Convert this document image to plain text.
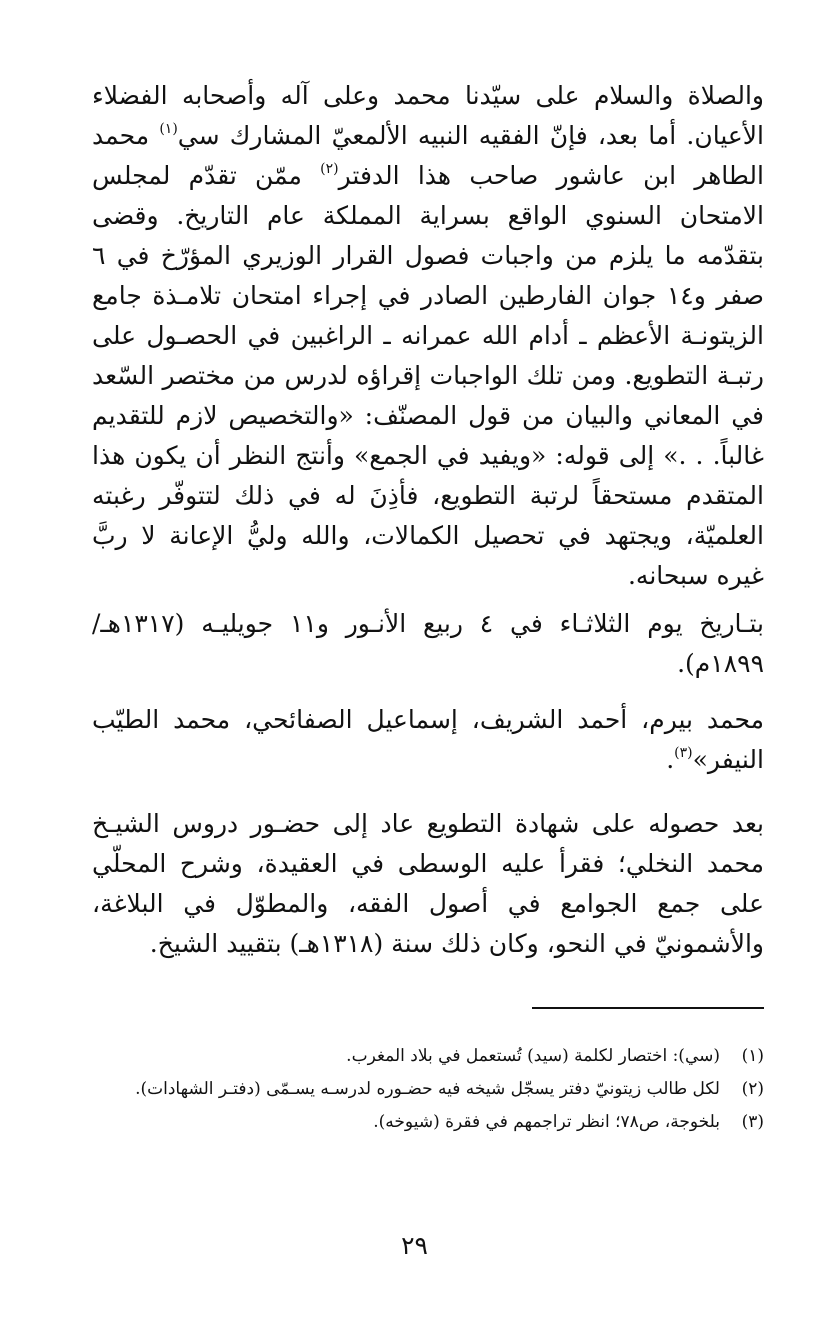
والصلاة والسلام على سيّدنا محمد وعلى آله وأصحابه الفضلاء الأعيان. أما بعد، فإنّ الفقيه النبيه الألمعيّ المشارك سي$^{(١)}$ محمد الطاهر ابن عاشور صاحب هذا الدفتر$^{(٢)}$ ممّن تقدّم لمجلس الامتحان السنوي الواقع بسراية المملكة عام التاريخ. وقضى بتقدّمه ما يلزم من واجبات فصول القرار الوزيري المؤرّخ في ٦ صفر و١٤ جوان الفارطين الصادر في إجراء امتحان تلامـذة جامع الزيتونـة الأعظم ـ أدام الله عمرانه ـ الراغبين في الحصـول على رتبـة التطويع. ومن تلك الواجبات إقراؤه لدرس من مختصر السّعد في المعاني والبيان من قول المصنّف: «والتخصيص لازم للتقديم غالباً. . .» إلى قوله: «ويفيد في الجمع» وأنتج النظر أن يكون هذا المتقدم مستحقاً لرتبة التطويع، فأذِنَ له في ذلك لتتوفّر رغبته العلميّة، ويجتهد في تحصيل الكمالات، والله وليُّ الإعانة لا ربَّ غيره سبحانه.

بتـاريخ يوم الثلاثـاء في ٤ ربيع الأنـور و١١ جويليـه (١٣١٧هـ/ ١٨٩٩م).

محمد بيرم، أحمد الشريف، إسماعيل الصفائحي، محمد الطيّب النيفر»$^{(٣)}$.

بعد حصوله على شهادة التطويع عاد إلى حضـور دروس الشيـخ محمد النخلي؛ فقرأ عليه الوسطى في العقيدة، وشرح المحلّي على جمع الجوامع في أصول الفقه، والمطوّل في البلاغة، والأشمونيّ في النحو، وكان ذلك سنة (١٣١٨هـ) بتقييد الشيخ.

(١)
(سي): اختصار لكلمة (سيد) تُستعمل في بلاد المغرب.
(٢)
لكل طالب زيتونيّ دفتر يسجّل شيخه فيه حضـوره لدرسـه يسـمّى (دفتـر الشهادات).
(٣)
بلخوجة، ص٧٨؛ انظر تراجمهم في فقرة (شيوخه).
٢٩
